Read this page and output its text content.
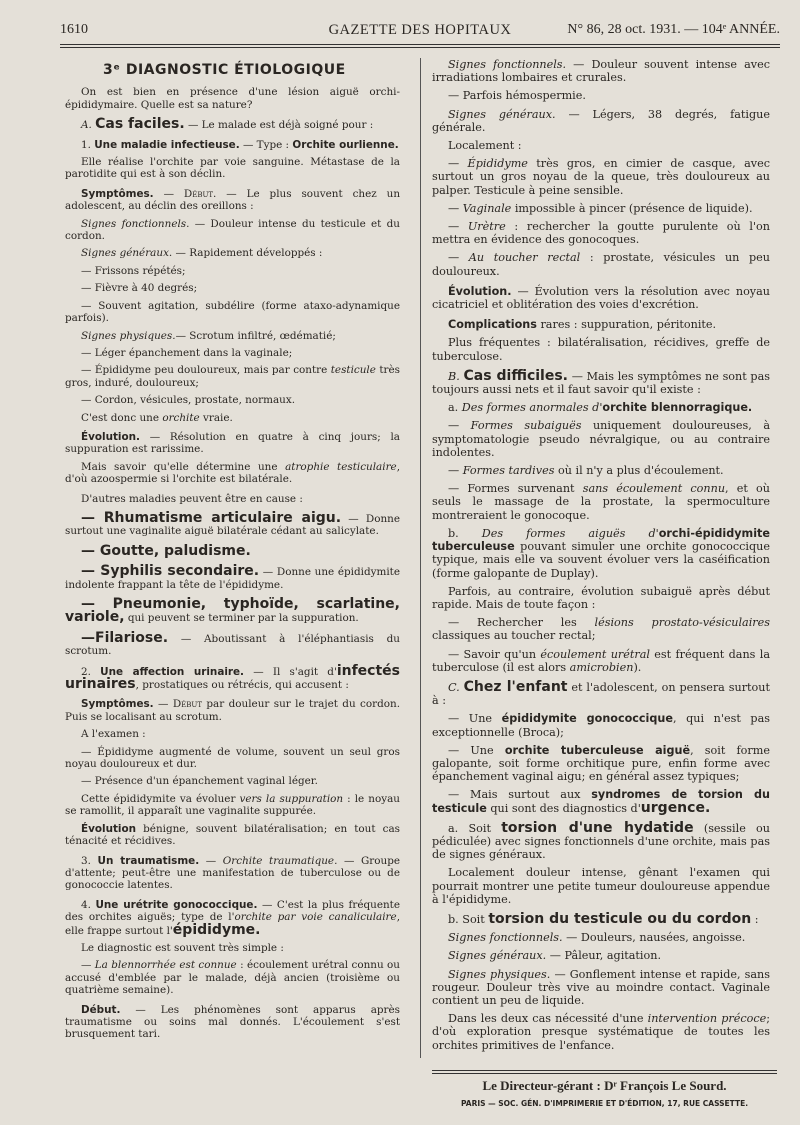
1610	GAZETTE DES HOPITAUX	N° 86, 28 oct. 1931. — 104ᵉ ANNÉE.
3ᵉ DIAGNOSTIC ÉTIOLOGIQUE

On est bien en présence d'une lésion aiguë orchi-épididymaire. Quelle est sa nature?

A. Cas faciles. — Le malade est déjà soigné pour :

1. Une maladie infectieuse. — Type : Orchite ourlienne.

Elle réalise l'orchite par voie sanguine. Métastase de la parotidite qui est à son déclin.

Symptômes. — Début. — Le plus souvent chez un adolescent, au déclin des oreillons :

Signes fonctionnels. — Douleur intense du testicule et du cordon.

Signes généraux. — Rapidement développés :

— Frissons répétés;

— Fièvre à 40 degrés;

— Souvent agitation, subdélire (forme ataxo-adynamique parfois).

Signes physiques.— Scrotum infiltré, œdématié;

— Léger épanchement dans la vaginale;

— Épididyme peu douloureux, mais par contre testicule très gros, induré, douloureux;

— Cordon, vésicules, prostate, normaux.

C'est donc une orchite vraie.

Évolution. — Résolution en quatre à cinq jours; la suppuration est rarissime.

Mais savoir qu'elle détermine une atrophie testiculaire, d'où azoospermie si l'orchite est bilatérale.

D'autres maladies peuvent être en cause :

— Rhumatisme articulaire aigu. — Donne surtout une vaginalite aiguë bilatérale cédant au salicylate.

— Goutte, paludisme.

— Syphilis secondaire. — Donne une épididymite indolente frappant la tête de l'épididyme.

— Pneumonie, typhoïde, scarlatine, variole, qui peuvent se terminer par la suppuration.

—Filariose. — Aboutissant à l'éléphantiasis du scrotum.

2. Une affection urinaire. — Il s'agit d'infectés urinaires, prostatiques ou rétrécis, qui accusent :

Symptômes. — Début par douleur sur le trajet du cordon. Puis se localisant au scrotum.

A l'examen :

— Épididyme augmenté de volume, souvent un seul gros noyau douloureux et dur.

— Présence d'un épanchement vaginal léger.

Cette épididymite va évoluer vers la suppuration : le noyau se ramollit, il apparaît une vaginalite suppurée.

Évolution bénigne, souvent bilatéralisation; en tout cas ténacité et récidives.

3. Un traumatisme. — Orchite traumatique. — Groupe d'attente; peut-être une manifestation de tuberculose ou de gonococcie latentes.

4. Une urétrite gonococcique. — C'est la plus fréquente des orchites aiguës; type de l'orchite par voie canaliculaire, elle frappe surtout l'épididyme.

Le diagnostic est souvent très simple :

— La blennorrhée est connue : écoulement urétral connu ou accusé d'emblée par le malade, déjà ancien (troisième ou quatrième semaine).

Début. — Les phénomènes sont apparus après traumatisme ou soins mal donnés. L'écoulement s'est brusquement tari.

Signes fonctionnels. — Douleur souvent intense avec irradiations lombaires et crurales.

— Parfois hémospermie.

Signes généraux. — Légers, 38 degrés, fatigue générale.

Localement :

— Épididyme très gros, en cimier de casque, avec surtout un gros noyau de la queue, très douloureux au palper. Testicule à peine sensible.

— Vaginale impossible à pincer (présence de liquide).

— Urètre : rechercher la goutte purulente où l'on mettra en évidence des gonocoques.

— Au toucher rectal : prostate, vésicules un peu douloureux.

Évolution. — Évolution vers la résolution avec noyau cicatriciel et oblitération des voies d'excrétion.

Complications rares : suppuration, péritonite.

Plus fréquentes : bilatéralisation, récidives, greffe de tuberculose.

B. Cas difficiles. — Mais les symptômes ne sont pas toujours aussi nets et il faut savoir qu'il existe :

a. Des formes anormales d'orchite blennorragique.

— Formes subaiguës uniquement douloureuses, à symptomatologie pseudo névralgique, ou au contraire indolentes.

— Formes tardives où il n'y a plus d'écoulement.

— Formes survenant sans écoulement connu, et où seuls le massage de la prostate, la spermoculture montreraient le gonocoque.

b. Des formes aiguës d'orchi-épididymite tuberculeuse pouvant simuler une orchite gonococcique typique, mais elle va souvent évoluer vers la caséification (forme galopante de Duplay).

Parfois, au contraire, évolution subaiguë après début rapide. Mais de toute façon :

— Rechercher les lésions prostato-vésiculaires classiques au toucher rectal;

— Savoir qu'un écoulement urétral est fréquent dans la tuberculose (il est alors amicrobien).

C. Chez l'enfant et l'adolescent, on pensera surtout à :

— Une épididymite gonococcique, qui n'est pas exceptionnelle (Broca);

— Une orchite tuberculeuse aiguë, soit forme galopante, soit forme orchitique pure, enfin forme avec épanchement vaginal aigu; en général assez typiques;

— Mais surtout aux syndromes de torsion du testicule qui sont des diagnostics d'urgence.

a. Soit torsion d'une hydatide (sessile ou pédiculée) avec signes fonctionnels d'une orchite, mais pas de signes généraux.

Localement douleur intense, gênant l'examen qui pourrait montrer une petite tumeur douloureuse appendue à l'épididyme.

b. Soit torsion du testicule ou du cordon :

Signes fonctionnels. — Douleurs, nausées, angoisse.

Signes généraux. — Pâleur, agitation.

Signes physiques. — Gonflement intense et rapide, sans rougeur. Douleur très vive au moindre contact. Vaginale contient un peu de liquide.

Dans les deux cas nécessité d'une intervention précoce; d'où exploration presque systématique de toutes les orchites primitives de l'enfance.

Le Directeur-gérant : Dʳ François Le Sourd.
PARIS — SOC. GÉN. D'IMPRIMERIE ET D'ÉDITION, 17, RUE CASSETTE.
